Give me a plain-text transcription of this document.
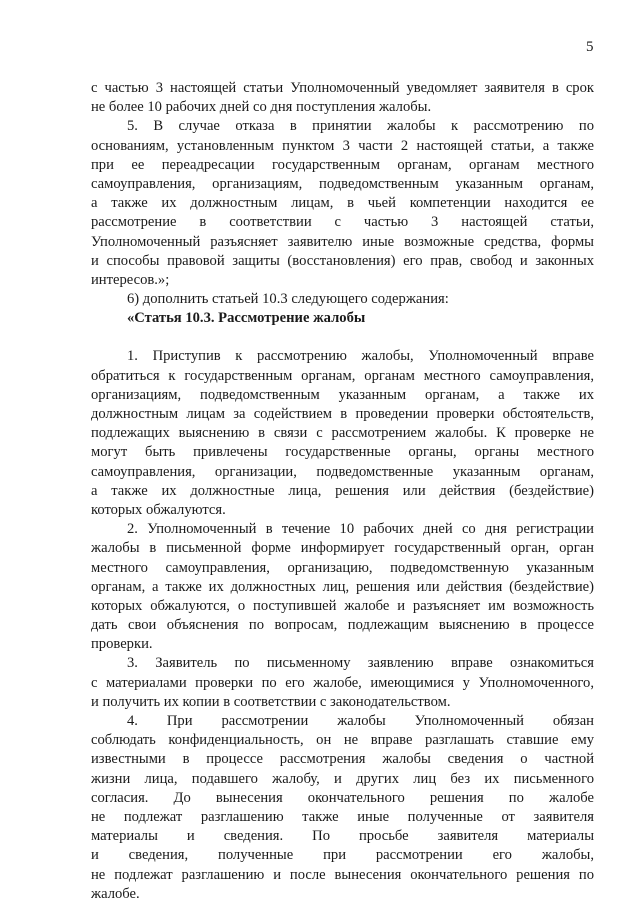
5
с частью 3 настоящей статьи Уполномоченный уведомляет заявителя в срок
не более 10 рабочих дней со дня поступления жалобы.
5. В случае отказа в принятии жалобы к рассмотрению по
основаниям, установленным пунктом 3 части 2 настоящей статьи, а также
при ее переадресации государственным органам, органам местного
самоуправления, организациям, подведомственным указанным органам,
а также их должностным лицам, в чьей компетенции находится ее
рассмотрение в соответствии с частью 3 настоящей статьи,
Уполномоченный разъясняет заявителю иные возможные средства, формы
и способы правовой защиты (восстановления) его прав, свобод и законных
интересов.»;
6) дополнить статьей 10.3 следующего содержания:
«Статья 10.3. Рассмотрение жалобы
1. Приступив к рассмотрению жалобы, Уполномоченный вправе
обратиться к государственным органам, органам местного самоуправления,
организациям, подведомственным указанным органам, а также их
должностным лицам за содействием в проведении проверки обстоятельств,
подлежащих выяснению в связи с рассмотрением жалобы. К проверке не
могут быть привлечены государственные органы, органы местного
самоуправления, организации, подведомственные указанным органам,
а также их должностные лица, решения или действия (бездействие)
которых обжалуются.
2. Уполномоченный в течение 10 рабочих дней со дня регистрации
жалобы в письменной форме информирует государственный орган, орган
местного самоуправления, организацию, подведомственную указанным
органам, а также их должностных лиц, решения или действия (бездействие)
которых обжалуются, о поступившей жалобе и разъясняет им возможность
дать свои объяснения по вопросам, подлежащим выяснению в процессе
проверки.
3. Заявитель по письменному заявлению вправе ознакомиться
с материалами проверки по его жалобе, имеющимися у Уполномоченного,
и получить их копии в соответствии с законодательством.
4. При рассмотрении жалобы Уполномоченный обязан
соблюдать конфиденциальность, он не вправе разглашать ставшие ему
известными в процессе рассмотрения жалобы сведения о частной
жизни лица, подавшего жалобу, и других лиц без их письменного
согласия. До вынесения окончательного решения по жалобе
не подлежат разглашению также иные полученные от заявителя
материалы и сведения. По просьбе заявителя материалы
и сведения, полученные при рассмотрении его жалобы,
не подлежат разглашению и после вынесения окончательного решения по
жалобе.
